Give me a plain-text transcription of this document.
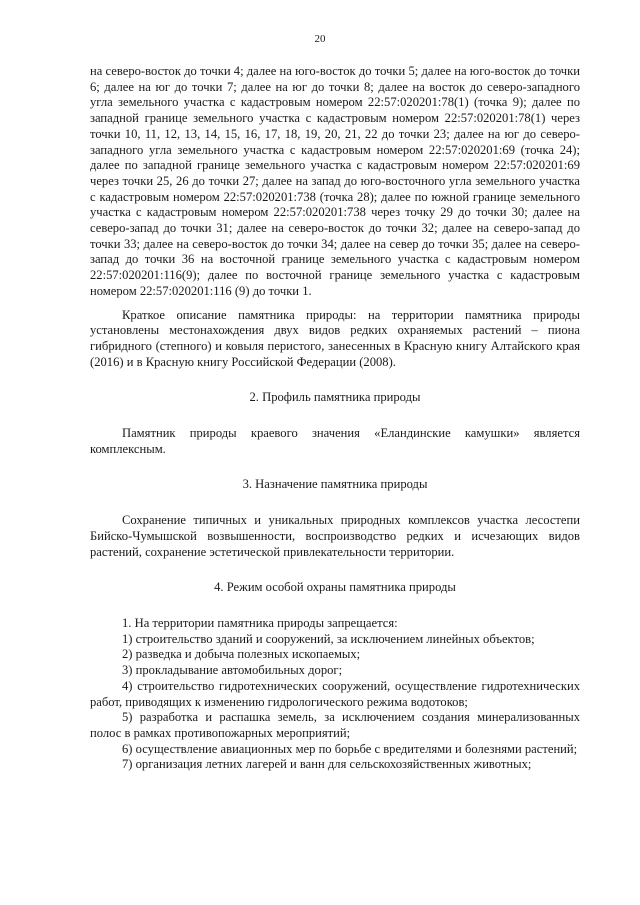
20

на северо-восток до точки 4; далее на юго-восток до точки 5; далее на юго-восток до точки 6; далее на юг до точки 7; далее на юг до точки 8; далее на восток до северо-западного угла земельного участка с кадастровым номером 22:57:020201:78(1) (точка 9); далее по западной границе земельного участка с кадастровым номером 22:57:020201:78(1) через точки 10, 11, 12, 13, 14, 15, 16, 17, 18, 19, 20, 21, 22 до точки 23; далее на юг до северо-западного угла земельного участка с кадастровым номером 22:57:020201:69 (точка 24); далее по западной границе земельного участка с кадастровым номером 22:57:020201:69 через точки 25, 26 до точки 27; далее на запад до юго-восточного угла земельного участка с кадастровым номером 22:57:020201:738 (точка 28); далее по южной границе земельного участка с кадастровым номером 22:57:020201:738 через точку 29 до точки 30; далее на северо-запад до точки 31; далее на северо-восток до точки 32; далее на северо-запад до точки 33; далее на северо-восток до точки 34; далее на север до точки 35; далее на северо-запад до точки 36 на восточной границе земельного участка с кадастровым номером 22:57:020201:116(9); далее по восточной границе земельного участка с кадастровым номером 22:57:020201:116 (9) до точки 1.

Краткое описание памятника природы: на территории памятника природы установлены местонахождения двух видов редких охраняемых растений – пиона гибридного (степного) и ковыля перистого, занесенных в Красную книгу Алтайского края (2016) и в Красную книгу Российской Федерации (2008).

2. Профиль памятника природы

Памятник природы краевого значения «Еландинские камушки» является комплексным.

3. Назначение памятника природы

Сохранение типичных и уникальных природных комплексов участка лесостепи Бийско-Чумышской возвышенности, воспроизводство редких и исчезающих видов растений, сохранение эстетической привлекательности территории.

4. Режим особой охраны памятника природы

1. На территории памятника природы запрещается:

1) строительство зданий и сооружений, за исключением линейных объектов;

2) разведка и добыча полезных ископаемых;

3) прокладывание автомобильных дорог;

4) строительство гидротехнических сооружений, осуществление гидротехнических работ, приводящих к изменению гидрологического режима водотоков;

5) разработка и распашка земель, за исключением создания минерализованных полос в рамках противопожарных мероприятий;

6) осуществление авиационных мер по борьбе с вредителями и болезнями растений;

7) организация летних лагерей и ванн для сельскохозяйственных животных;
